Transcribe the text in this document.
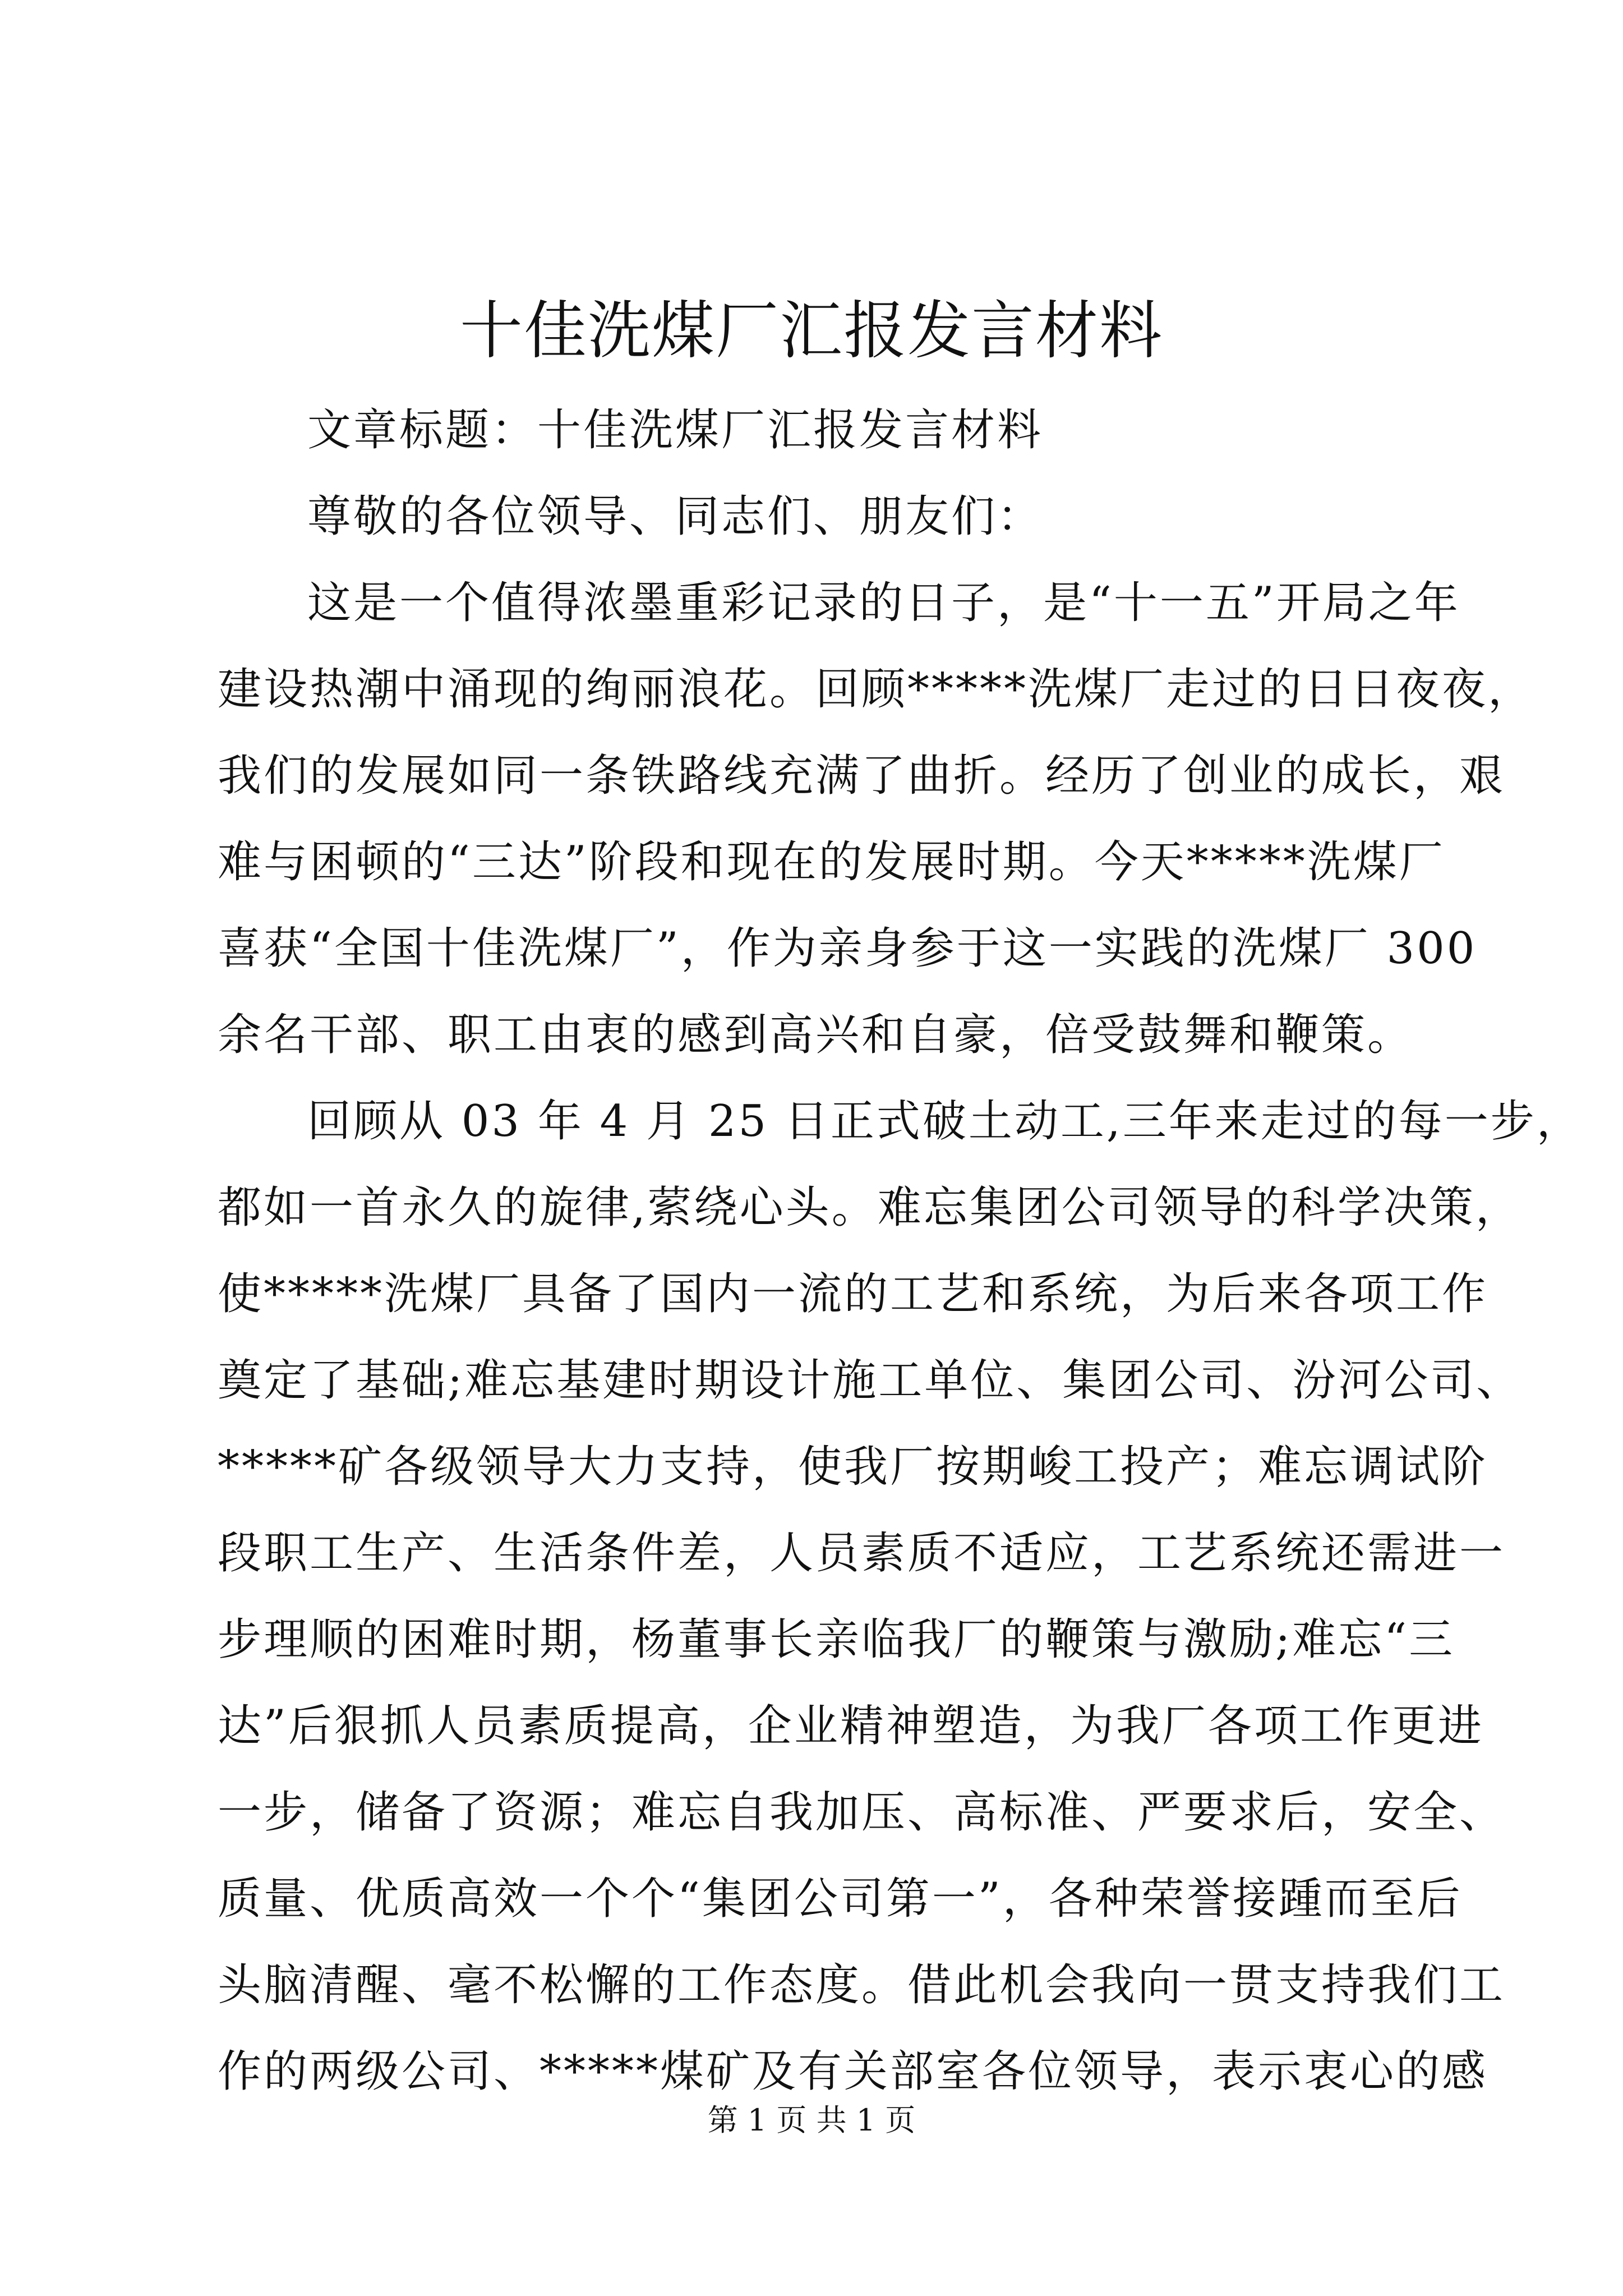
十佳洗煤厂汇报发言材料
文章标题：十佳洗煤厂汇报发言材料
尊敬的各位领导、同志们、朋友们：
这是一个值得浓墨重彩记录的日子，是“十一五”开局之年
建设热潮中涌现的绚丽浪花。回顾*****洗煤厂走过的日日夜夜，
我们的发展如同一条铁路线充满了曲折。经历了创业的成长，艰
难与困顿的“三达”阶段和现在的发展时期。今天*****洗煤厂
喜获“全国十佳洗煤厂”，作为亲身参于这一实践的洗煤厂 300
余名干部、职工由衷的感到高兴和自豪，倍受鼓舞和鞭策。
回顾从 03 年 4 月 25 日正式破土动工,三年来走过的每一步，
都如一首永久的旋律,萦绕心头。难忘集团公司领导的科学决策，
使*****洗煤厂具备了国内一流的工艺和系统，为后来各项工作
奠定了基础;难忘基建时期设计施工单位、集团公司、汾河公司、
*****矿各级领导大力支持，使我厂按期峻工投产；难忘调试阶
段职工生产、生活条件差，人员素质不适应，工艺系统还需进一
步理顺的困难时期，杨董事长亲临我厂的鞭策与激励;难忘“三
达”后狠抓人员素质提高，企业精神塑造，为我厂各项工作更进
一步，储备了资源；难忘自我加压、高标准、严要求后，安全、
质量、优质高效一个个“集团公司第一”，各种荣誉接踵而至后
头脑清醒、毫不松懈的工作态度。借此机会我向一贯支持我们工
作的两级公司、*****煤矿及有关部室各位领导，表示衷心的感
第 1 页 共 1 页
